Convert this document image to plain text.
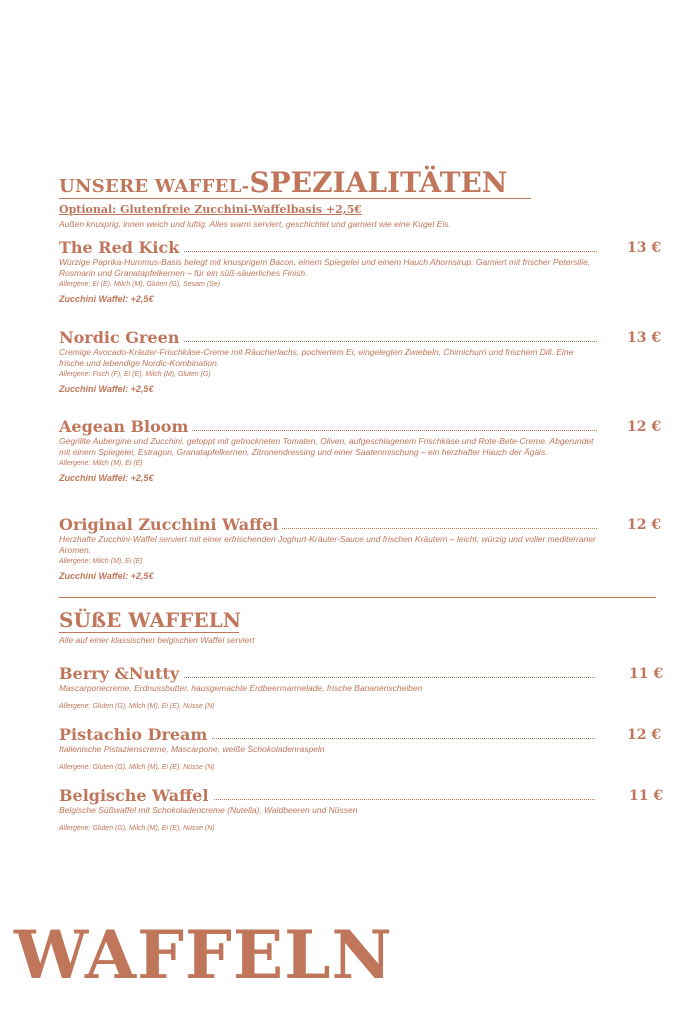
UNSERE WAFFEL-SPEZIALITÄTEN
Optional: Glutenfreie Zucchini-Waffelbasis +2,5€
Außen knusprig, innen weich und luftig. Alles warm serviert, geschichtet und garniert wie eine Kugel Eis.
The Red Kick	13 €
Würzige Paprika-Hummus-Basis belegt mit knusprigem Bacon, einem Spiegelei und einem Hauch Ahornsirup. Garniert mit frischer Petersilie, Rosmarin und Granatapfelkernen – für ein süß-säuerliches Finish.
Allergene: Ei (E), Milch (M), Gluten (G), Sesam (Se)
Zucchini Waffel: +2,5€
Nordic Green	13 €
Cremige Avocado-Kräuter-Frischkäse-Creme mit Räucherlachs, pochiertem Ei, eingelegten Zwiebeln, Chimichurri und frischem Dill. Eine frische und lebendige Nordic-Kombination.
Allergene: Fisch (F), Ei (E), Milch (M), Gluten (G)
Zucchini Waffel: +2,5€
Aegean Bloom	12 €
Gegrillte Aubergine und Zucchini, getoppt mit getrockneten Tomaten, Oliven, aufgeschlagenem Frischkäse und Rote-Bete-Creme. Abgerundet mit einem Spiegelei, Estragon, Granatapfelkernen, Zitronendressing und einer Saatenmischung – ein herzhafter Hauch der Ägäis.
Allergene: Milch (M), Ei (E)
Zucchini Waffel: +2,5€
Original Zucchini Waffel	12 €
Herzhafte Zucchini-Waffel serviert mit einer erfrischenden Joghurt-Kräuter-Sauce und frischen Kräutern – leicht, würzig und voller mediterraner Aromen.
Allergene: Milch (M), Ei (E)
Zucchini Waffel: +2,5€
SÜßE WAFFELN
Alle auf einer klassischen belgischen Waffel serviert
Berry &Nutty	11 €
Mascarponecreme, Erdnussbutter, hausgemachte Erdbeermarmelade, frische Bananenscheiben
Allergene: Gluten (G), Milch (M), Ei (E), Nüsse (N)
Pistachio Dream	12 €
Italienische Pistazienscreme, Mascarpone, weiße Schokoladenraspeln
Allergene: Gluten (G), Milch (M), Ei (E), Nüsse (N)
Belgische Waffel	11 €
Belgische Süßwaffel mit Schokoladencreme (Nutella), Waldbeeren und Nüssen
Allergene: Gluten (G), Milch (M), Ei (E), Nüsse (N)
WAFFELN
